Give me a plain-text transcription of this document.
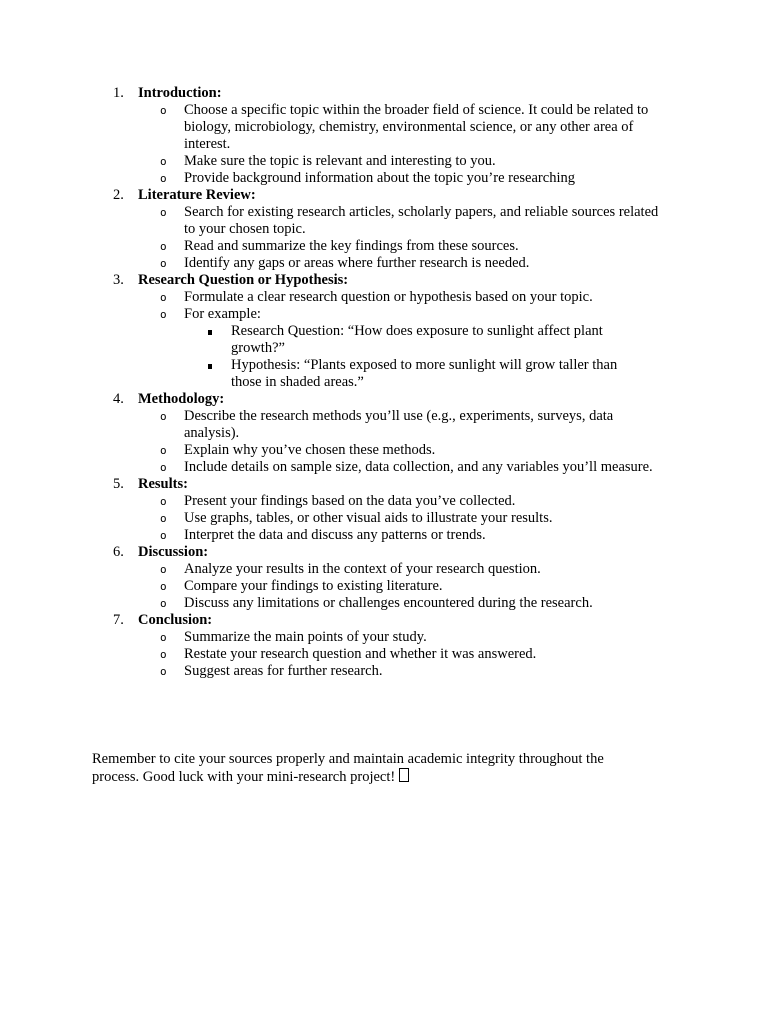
1. Introduction:
o Choose a specific topic within the broader field of science. It could be related to biology, microbiology, chemistry, environmental science, or any other area of interest.
o Make sure the topic is relevant and interesting to you.
o Provide background information about the topic you’re researching
2. Literature Review:
o Search for existing research articles, scholarly papers, and reliable sources related to your chosen topic.
o Read and summarize the key findings from these sources.
o Identify any gaps or areas where further research is needed.
3. Research Question or Hypothesis:
o Formulate a clear research question or hypothesis based on your topic.
o For example:
Research Question: “How does exposure to sunlight affect plant growth?”
Hypothesis: “Plants exposed to more sunlight will grow taller than those in shaded areas.”
4. Methodology:
o Describe the research methods you’ll use (e.g., experiments, surveys, data analysis).
o Explain why you’ve chosen these methods.
o Include details on sample size, data collection, and any variables you’ll measure.
5. Results:
o Present your findings based on the data you’ve collected.
o Use graphs, tables, or other visual aids to illustrate your results.
o Interpret the data and discuss any patterns or trends.
6. Discussion:
o Analyze your results in the context of your research question.
o Compare your findings to existing literature.
o Discuss any limitations or challenges encountered during the research.
7. Conclusion:
o Summarize the main points of your study.
o Restate your research question and whether it was answered.
o Suggest areas for further research.

Remember to cite your sources properly and maintain academic integrity throughout the process. Good luck with your mini-research project!
